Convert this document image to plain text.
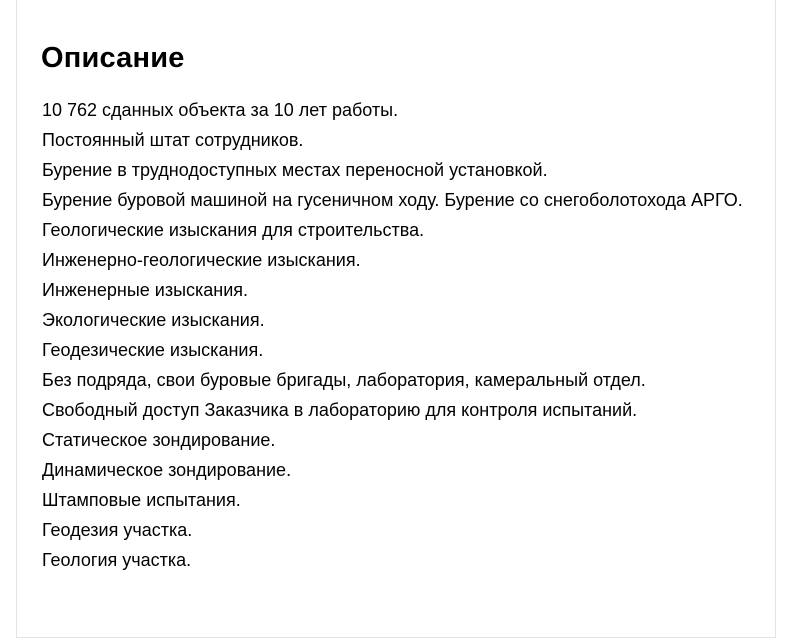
Описание
10 762 сданных объекта за 10 лет работы.
Постоянный штат сотрудников.
Бурение в труднодоступных местах переносной установкой.
Бурение буровой машиной на гусеничном ходу. Бурение со снегоболотохода АРГО.
Геологические изыскания для строительства.
Инженерно-геологические изыскания.
Инженерные изыскания.
Экологические изыскания.
Геодезические изыскания.
Без подряда, свои буровые бригады, лаборатория, камеральный отдел.
Свободный доступ Заказчика в лабораторию для контроля испытаний.
Статическое зондирование.
Динамическое зондирование.
Штамповые испытания.
Геодезия участка.
Геология участка.
